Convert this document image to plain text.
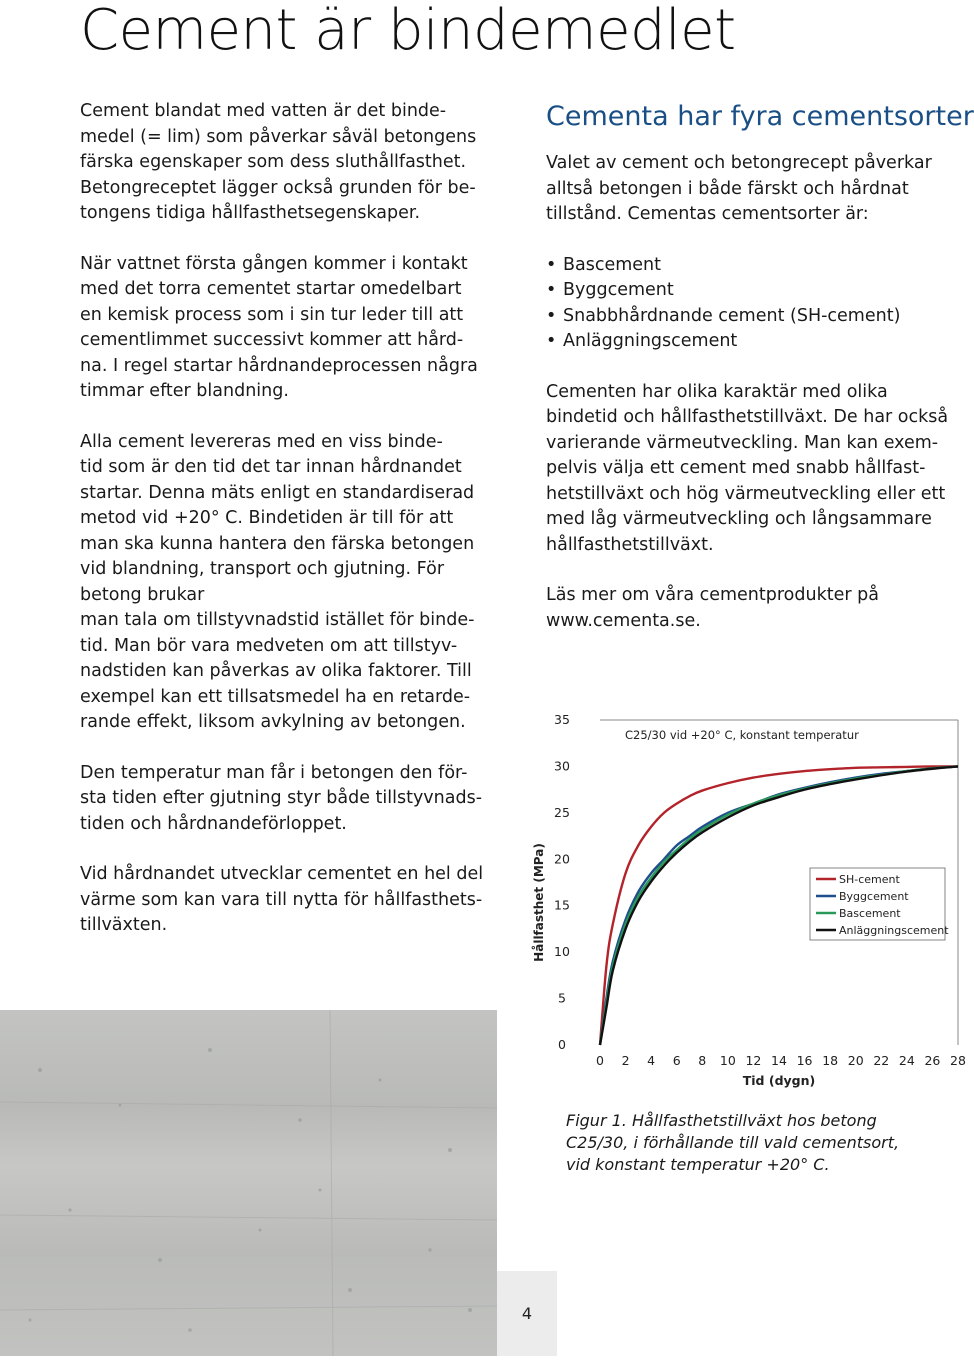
Cement är bindemedlet

Cement blandat med vatten är det binde-
medel (= lim) som påverkar såväl betongens
färska egenskaper som dess sluthållfasthet.
Betongreceptet lägger också grunden för be-
tongens tidiga hållfasthetsegenskaper.

När vattnet första gången kommer i kontakt
med det torra cementet startar omedelbart
en kemisk process som i sin tur leder till att
cementlimmet successivt kommer att hård-
na. I regel startar hårdnandeprocessen några
timmar efter blandning.

Alla cement levereras med en viss binde-
tid som är den tid det tar innan hårdnandet
startar. Denna mäts enligt en standardiserad
metod vid +20° C. Bindetiden är till för att
man ska kunna hantera den färska betongen
vid blandning, transport och gjutning. För
betong brukar
man tala om tillstyvnadstid istället för binde-
tid. Man bör vara medveten om att tillstyv-
nadstiden kan påverkas av olika faktorer. Till
exempel kan ett tillsatsmedel ha en retarde-
rande effekt, liksom avkylning av betongen.

Den temperatur man får i betongen den för-
sta tiden efter gjutning styr både tillstyvnads-
tiden och hårdnandeförloppet.

Vid hårdnandet utvecklar cementet en hel del
värme som kan vara till nytta för hållfasthets-
tillväxten.

Cementa har fyra cementsorter

Valet av cement och betongrecept påverkar
alltså betongen i både färskt och hårdnat
tillstånd. Cementas cementsorter är:

• Bascement
• Byggcement
• Snabbhårdnande cement (SH-cement)
• Anläggningscement

Cementen har olika karaktär med olika
bindetid och hållfasthetstillväxt. De har också
varierande värmeutveckling. Man kan exem-
pelvis välja ett cement med snabb hållfast-
hetstillväxt och hög värmeutveckling eller ett
med låg värmeutveckling och långsammare
hållfasthetstillväxt.

Läs mer om våra cementprodukter på
www.cementa.se.

0
5
10
15
20
25
30
35
0 2 4 6 8 10 12 14 16 18 20 22 24 26 28
Tid (dygn)
Hållfasthet (MPa)
C25/30 vid +20° C, konstant temperatur
SH-cement
Byggcement
Bascement
Anläggningscement
Figur 1. Hållfasthetstillväxt hos betong
C25/30, i förhållande till vald cementsort,
vid konstant temperatur +20° C.
4
